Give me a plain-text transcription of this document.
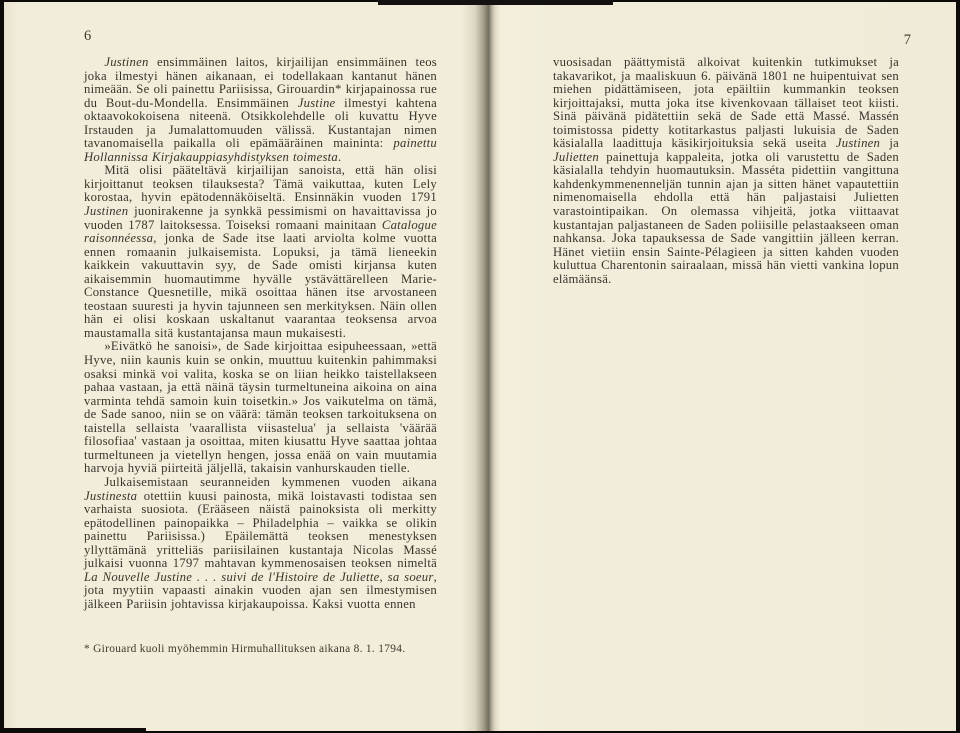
6

Justinen ensimmäinen laitos, kirjailijan ensimmäinen teos joka ilmestyi hänen aikanaan, ei todellakaan kantanut hänen nimeään. Se oli painettu Pariisissa, Girouardin* kirjapainossa rue du Bout-du-Mondella. Ensimmäinen Justine ilmestyi kahtena oktaavokokoisena niteenä. Otsikkolehdelle oli kuvattu Hyve Irstauden ja Jumalattomuuden välissä. Kustantajan nimen tavanomaisella paikalla oli epämääräinen maininta: painettu Hollannissa Kirjakauppiasyhdistyksen toimesta.

Mitä olisi pääteltävä kirjailijan sanoista, että hän olisi kirjoittanut teoksen tilauksesta? Tämä vaikuttaa, kuten Lely korostaa, hyvin epätodennäköiseltä. Ensinnäkin vuoden 1791 Justinen juonirakenne ja synkkä pessimismi on havaittavissa jo vuoden 1787 laitoksessa. Toiseksi romaani mainitaan Catalogue raisonnéessa, jonka de Sade itse laati arviolta kolme vuotta ennen romaanin julkaisemista. Lopuksi, ja tämä lieneekin kaikkein vakuuttavin syy, de Sade omisti kirjansa kuten aikaisemmin huomautimme hyvälle ystävättärelleen Marie-Constance Quesnetille, mikä osoittaa hänen itse arvostaneen teostaan suuresti ja hyvin tajunneen sen merkityksen. Näin ollen hän ei olisi koskaan uskaltanut vaarantaa teoksensa arvoa maustamalla sitä kustantajansa maun mukaisesti.

»Eivätkö he sanoisi», de Sade kirjoittaa esipuheessaan, »että Hyve, niin kaunis kuin se onkin, muuttuu kuitenkin pahimmaksi osaksi minkä voi valita, koska se on liian heikko taistellakseen pahaa vastaan, ja että näinä täysin turmeltuneina aikoina on aina varminta tehdä samoin kuin toisetkin.» Jos vaikutelma on tämä, de Sade sanoo, niin se on väärä: tämän teoksen tarkoituksena on taistella sellaista 'vaarallista viisastelua' ja sellaista 'väärää filosofiaa' vastaan ja osoittaa, miten kiusattu Hyve saattaa johtaa turmeltuneen ja vietellyn hengen, jossa enää on vain muutamia harvoja hyviä piirteitä jäljellä, takaisin vanhurskauden tielle.

Julkaisemistaan seuranneiden kymmenen vuoden aikana Justinesta otettiin kuusi painosta, mikä loistavasti todistaa sen varhaista suosiota. (Erääseen näistä painoksista oli merkitty epätodellinen painopaikka – Philadelphia – vaikka se olikin painettu Pariisissa.) Epäilemättä teoksen menestyksen yllyttämänä yritteliäs pariisilainen kustantaja Nicolas Massé julkaisi vuonna 1797 mahtavan kymmenosaisen teoksen nimeltä La Nouvelle Justine . . . suivi de l'Histoire de Juliette, sa soeur, jota myytiin vapaasti ainakin vuoden ajan sen ilmestymisen jälkeen Pariisin johtavissa kirjakaupoissa. Kaksi vuotta ennen

* Girouard kuoli myöhemmin Hirmuhallituksen aikana 8. 1. 1794.
7

vuosisadan päättymistä alkoivat kuitenkin tutkimukset ja takavarikot, ja maaliskuun 6. päivänä 1801 ne huipentuivat sen miehen pidättämiseen, jota epäiltiin kummankin teoksen kirjoittajaksi, mutta joka itse kivenkovaan tällaiset teot kiisti. Sinä päivänä pidätettiin sekä de Sade että Massé. Massén toimistossa pidetty kotitarkastus paljasti lukuisia de Saden käsialalla laadittuja käsikirjoituksia sekä useita Justinen ja Julietten painettuja kappaleita, jotka oli varustettu de Saden käsialalla tehdyin huomautuksin. Masséta pidettiin vangittuna kahdenkymmenenneljän tunnin ajan ja sitten hänet vapautettiin nimenomaisella ehdolla että hän paljastaisi Julietten varastointipaikan. On olemassa vihjeitä, jotka viittaavat kustantajan paljastaneen de Saden poliisille pelastaakseen oman nahkansa. Joka tapauksessa de Sade vangittiin jälleen kerran. Hänet vietiin ensin Sainte-Pélagieen ja sitten kahden vuoden kuluttua Charentonin sairaalaan, missä hän vietti vankina lopun elämäänsä.
